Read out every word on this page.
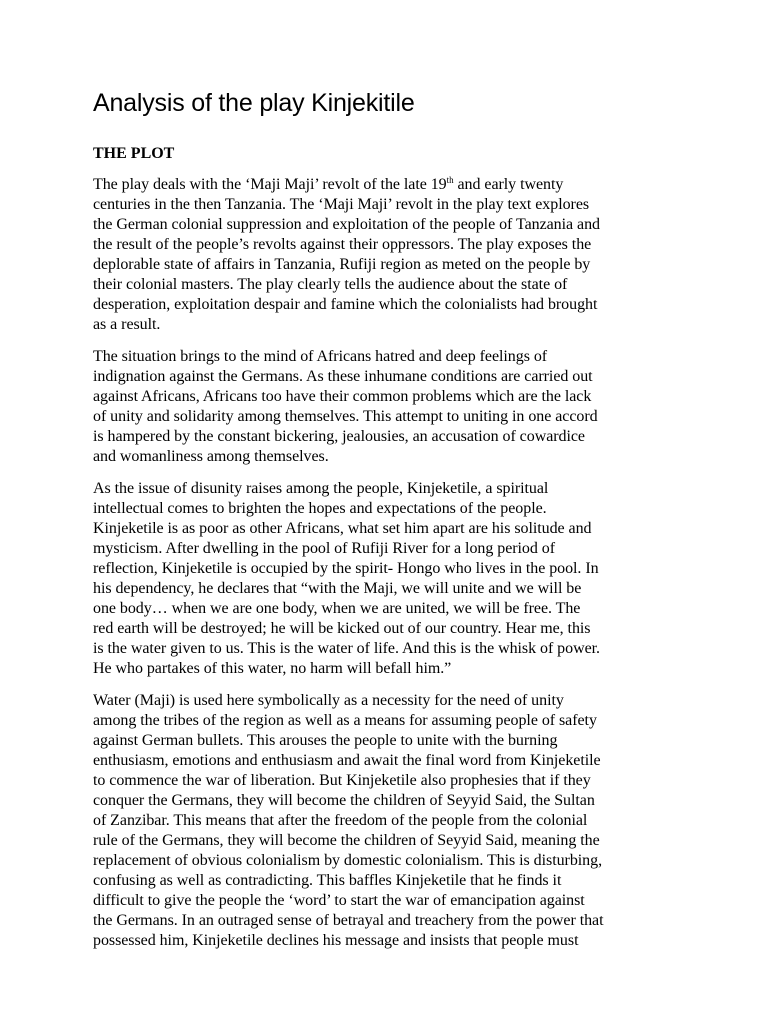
Analysis of the play Kinjekitile
THE PLOT
The play deals with the ‘Maji Maji’ revolt of the late 19th and early twenty
centuries in the then Tanzania. The ‘Maji Maji’ revolt in the play text explores
the German colonial suppression and exploitation of the people of Tanzania and
the result of the people’s revolts against their oppressors. The play exposes the
deplorable state of affairs in Tanzania, Rufiji region as meted on the people by
their colonial masters. The play clearly tells the audience about the state of
desperation, exploitation despair and famine which the colonialists had brought
as a result.
The situation brings to the mind of Africans hatred and deep feelings of
indignation against the Germans. As these inhumane conditions are carried out
against Africans, Africans too have their common problems which are the lack
of unity and solidarity among themselves. This attempt to uniting in one accord
is hampered by the constant bickering, jealousies, an accusation of cowardice
and womanliness among themselves.
As the issue of disunity raises among the people, Kinjeketile, a spiritual
intellectual comes to brighten the hopes and expectations of the people.
Kinjeketile is as poor as other Africans, what set him apart are his solitude and
mysticism. After dwelling in the pool of Rufiji River for a long period of
reflection, Kinjeketile is occupied by the spirit- Hongo who lives in the pool. In
his dependency, he declares that “with the Maji, we will unite and we will be
one body… when we are one body, when we are united, we will be free. The
red earth will be destroyed; he will be kicked out of our country. Hear me, this
is the water given to us. This is the water of life. And this is the whisk of power.
He who partakes of this water, no harm will befall him.”
Water (Maji) is used here symbolically as a necessity for the need of unity
among the tribes of the region as well as a means for assuming people of safety
against German bullets. This arouses the people to unite with the burning
enthusiasm, emotions and enthusiasm and await the final word from Kinjeketile
to commence the war of liberation. But Kinjeketile also prophesies that if they
conquer the Germans, they will become the children of Seyyid Said, the Sultan
of Zanzibar. This means that after the freedom of the people from the colonial
rule of the Germans, they will become the children of Seyyid Said, meaning the
replacement of obvious colonialism by domestic colonialism. This is disturbing,
confusing as well as contradicting. This baffles Kinjeketile that he finds it
difficult to give the people the ‘word’ to start the war of emancipation against
the Germans. In an outraged sense of betrayal and treachery from the power that
possessed him, Kinjeketile declines his message and insists that people must
